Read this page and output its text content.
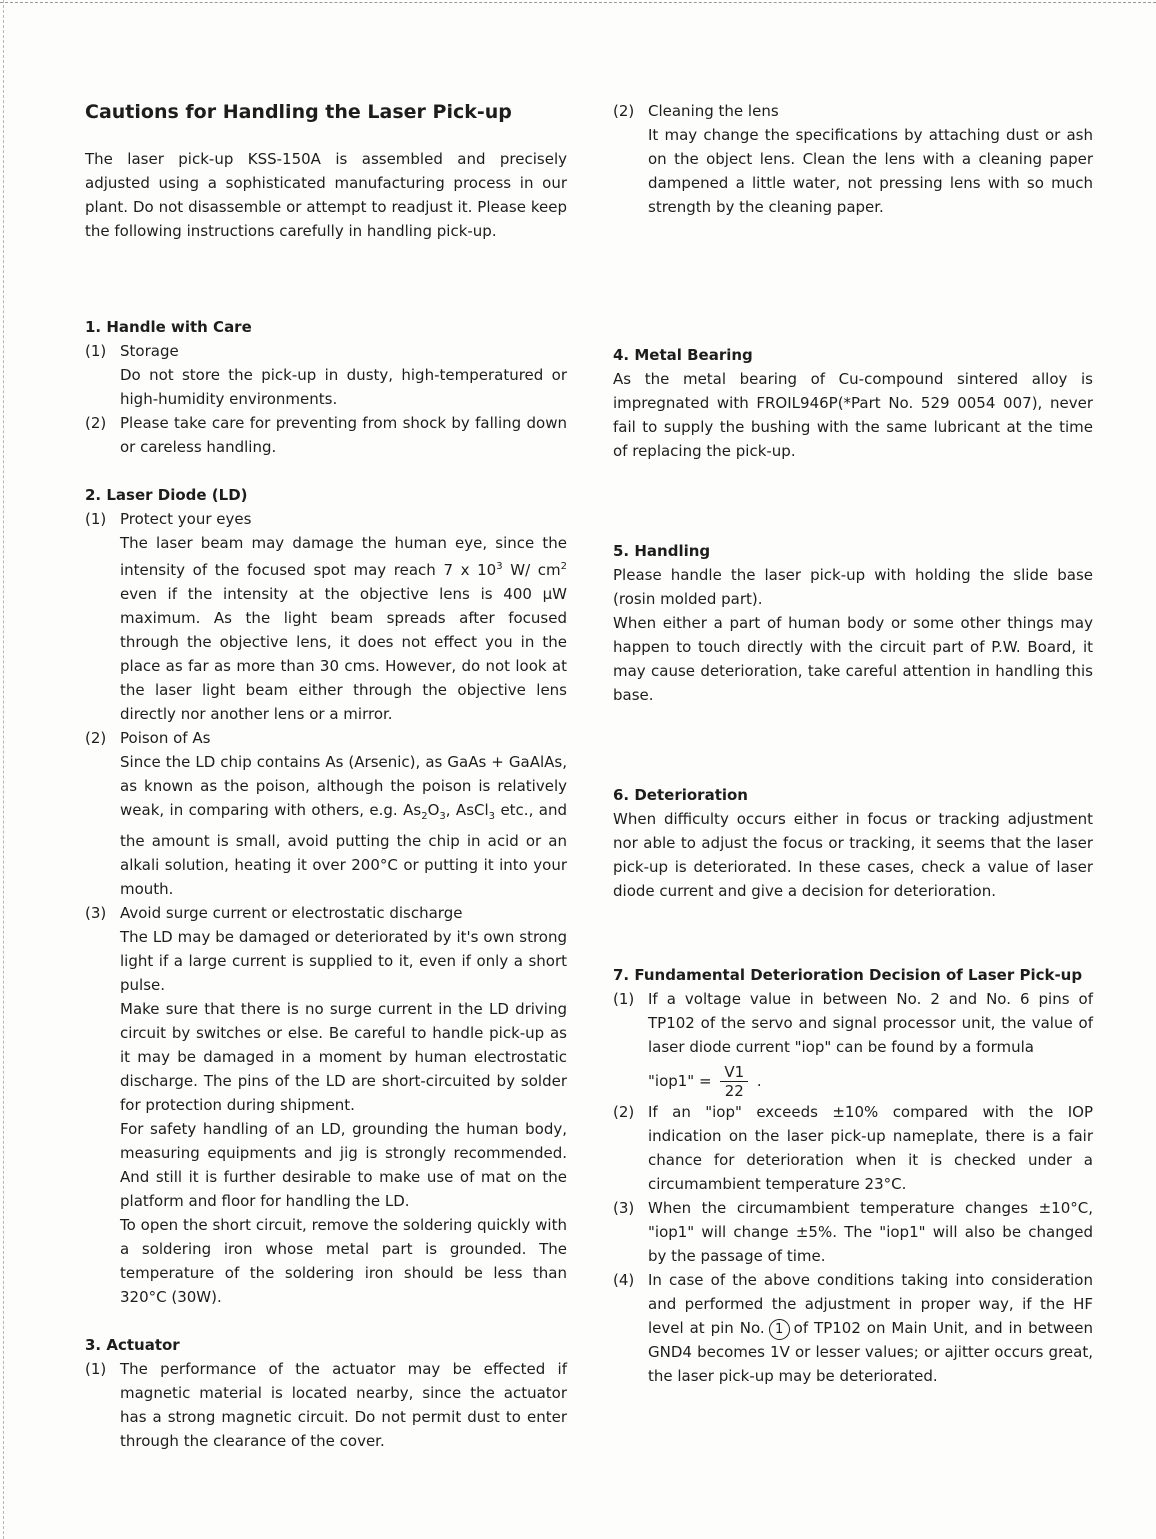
Cautions for Handling the Laser Pick-up

The laser pick-up KSS-150A is assembled and precisely adjusted using a sophisticated manufacturing process in our plant. Do not disassemble or attempt to readjust it. Please keep the following instructions carefully in handling pick-up.

1. Handle with Care
(1) Storage

Do not store the pick-up in dusty, high-temperatured or high-humidity environments.

(2) Please take care for preventing from shock by falling down or careless handling.

2. Laser Diode (LD)
(1) Protect your eyes

The laser beam may damage the human eye, since the intensity of the focused spot may reach 7 x $10^3$ W/ $cm^2$ even if the intensity at the objective lens is 400 μW maximum. As the light beam spreads after focused through the objective lens, it does not effect you in the place as far as more than 30 cms. However, do not look at the laser light beam either through the objective lens directly nor another lens or a mirror.

(2) Poison of As

Since the LD chip contains As (Arsenic), as GaAs + GaAlAs, as known as the poison, although the poison is relatively weak, in comparing with others, e.g. $As_2O_3$, AsCl$_3$ etc., and the amount is small, avoid putting the chip in acid or an alkali solution, heating it over 200°C or putting it into your mouth.

(3) Avoid surge current or electrostatic discharge

The LD may be damaged or deteriorated by it's own strong light if a large current is supplied to it, even if only a short pulse.

Make sure that there is no surge current in the LD driving circuit by switches or else. Be careful to handle pick-up as it may be damaged in a moment by human electrostatic discharge. The pins of the LD are short-circuited by solder for protection during shipment.

For safety handling of an LD, grounding the human body, measuring equipments and jig is strongly recommended. And still it is further desirable to make use of mat on the platform and floor for handling the LD.

To open the short circuit, remove the soldering quickly with a soldering iron whose metal part is grounded. The temperature of the soldering iron should be less than 320°C (30W).

3. Actuator
(1) The performance of the actuator may be effected if magnetic material is located nearby, since the actuator has a strong magnetic circuit. Do not permit dust to enter through the clearance of the cover.

(2) Cleaning the lens

It may change the specifications by attaching dust or ash on the object lens. Clean the lens with a cleaning paper dampened a little water, not pressing lens with so much strength by the cleaning paper.

4. Metal Bearing

As the metal bearing of Cu-compound sintered alloy is impregnated with FROIL946P(*Part No. 529 0054 007), never fail to supply the bushing with the same lubricant at the time of replacing the pick-up.

5. Handling

Please handle the laser pick-up with holding the slide base (rosin molded part).

When either a part of human body or some other things may happen to touch directly with the circuit part of P.W. Board, it may cause deterioration, take careful attention in handling this base.

6. Deterioration

When difficulty occurs either in focus or tracking adjustment nor able to adjust the focus or tracking, it seems that the laser pick-up is deteriorated. In these cases, check a value of laser diode current and give a decision for deterioration.

7. Fundamental Deterioration Decision of Laser Pick-up
(1) If a voltage value in between No. 2 and No. 6 pins of TP102 of the servo and signal processor unit, the value of laser diode current "iop" can be found by a formula

"iop1" = $\frac{V1}{22}$ .

(2) If an "iop" exceeds ±10% compared with the IOP indication on the laser pick-up nameplate, there is a fair chance for deterioration when it is checked under a circumambient temperature 23°C.

(3) When the circumambient temperature changes ±10°C, "iop1" will change ±5%. The "iop1" will also be changed by the passage of time.

(4) In case of the above conditions taking into consideration and performed the adjustment in proper way, if the HF level at pin No. 1 of TP102 on Main Unit, and in between GND4 becomes 1V or lesser values; or ajitter occurs great, the laser pick-up may be deteriorated.
